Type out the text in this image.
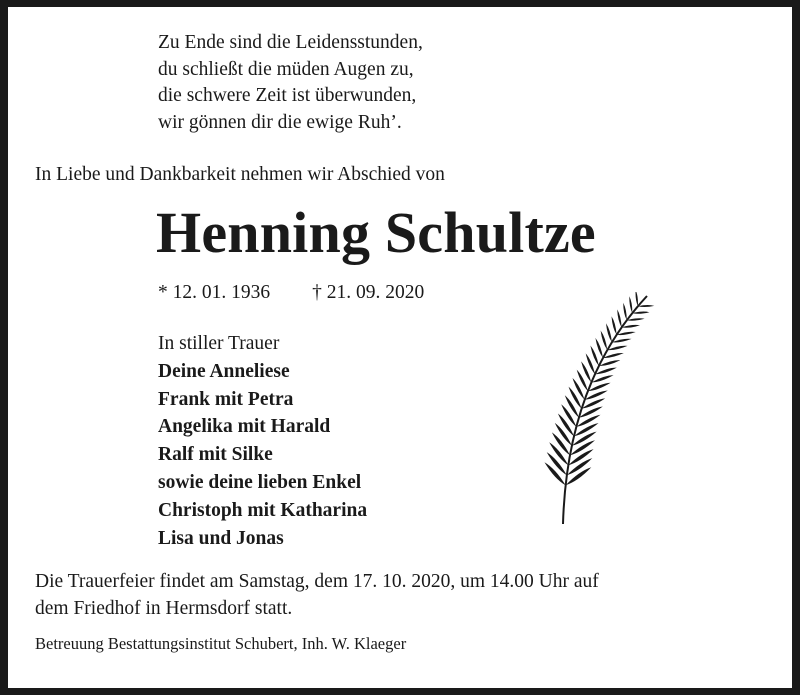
Zu Ende sind die Leidensstunden,
du schließt die müden Augen zu,
die schwere Zeit ist überwunden,
wir gönnen dir die ewige Ruh’.
In Liebe und Dankbarkeit nehmen wir Abschied von
Henning Schultze
* 12. 01. 1936 † 21. 09. 2020
In stiller Trauer
Deine Anneliese
Frank mit Petra
Angelika mit Harald
Ralf mit Silke
sowie deine lieben Enkel
Christoph mit Katharina
Lisa und Jonas
Die Trauerfeier findet am Samstag, dem 17. 10. 2020, um 14.00 Uhr auf
dem Friedhof in Hermsdorf statt.
Betreuung Bestattungsinstitut Schubert, Inh. W. Klaeger
